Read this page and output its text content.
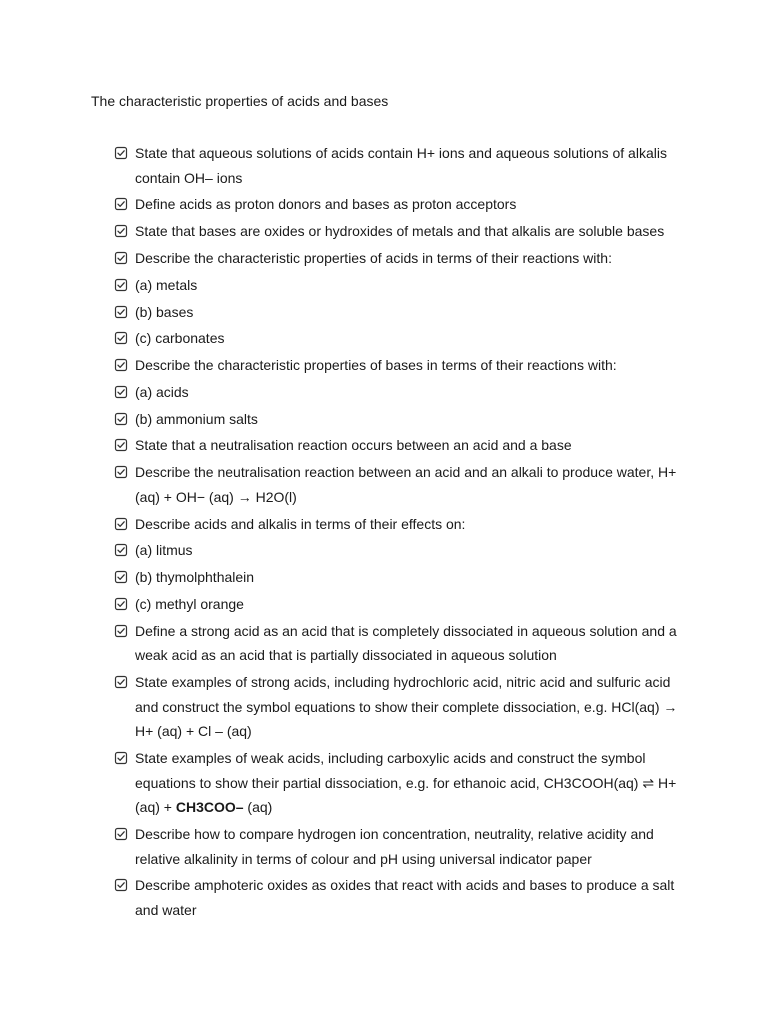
The characteristic properties of acids and bases
State that aqueous solutions of acids contain H+ ions and aqueous solutions of alkalis contain OH– ions
Define acids as proton donors and bases as proton acceptors
State that bases are oxides or hydroxides of metals and that alkalis are soluble bases
Describe the characteristic properties of acids in terms of their reactions with:
(a) metals
(b) bases
(c) carbonates
Describe the characteristic properties of bases in terms of their reactions with:
(a) acids
(b) ammonium salts
State that a neutralisation reaction occurs between an acid and a base
Describe the neutralisation reaction between an acid and an alkali to produce water, H+ (aq) + OH− (aq) → H2O(l)
Describe acids and alkalis in terms of their effects on:
(a) litmus
(b) thymolphthalein
(c) methyl orange
Define a strong acid as an acid that is completely dissociated in aqueous solution and a weak acid as an acid that is partially dissociated in aqueous solution
State examples of strong acids, including hydrochloric acid, nitric acid and sulfuric acid and construct the symbol equations to show their complete dissociation, e.g. HCl(aq) → H+ (aq) + Cl – (aq)
State examples of weak acids, including carboxylic acids and construct the symbol equations to show their partial dissociation, e.g. for ethanoic acid, CH3COOH(aq) ⇌ H+ (aq) + CH3COO– (aq)
Describe how to compare hydrogen ion concentration, neutrality, relative acidity and relative alkalinity in terms of colour and pH using universal indicator paper
Describe amphoteric oxides as oxides that react with acids and bases to produce a salt and water
